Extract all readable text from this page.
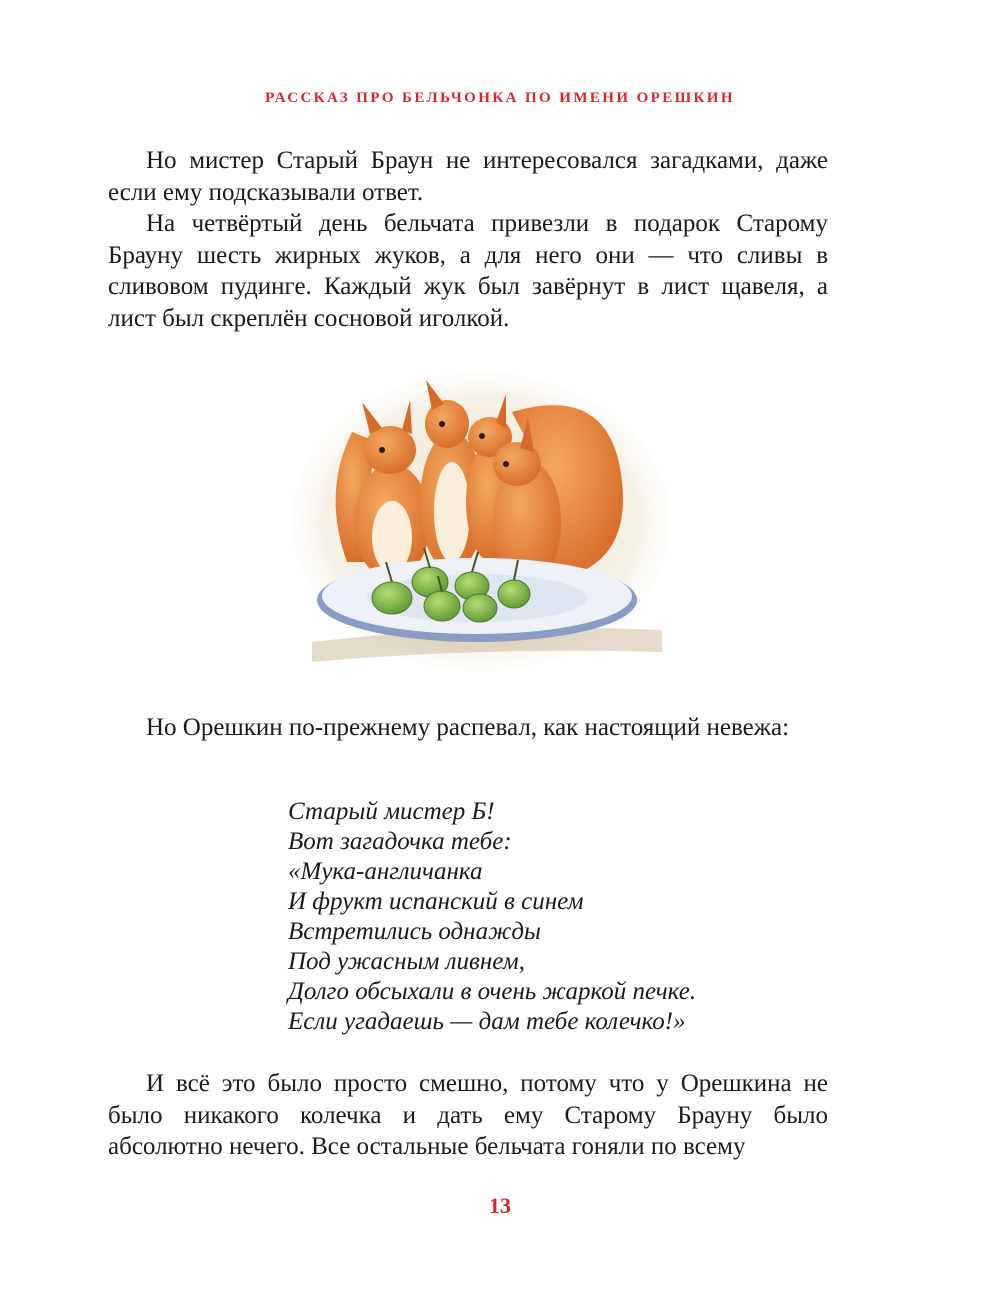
РАССКАЗ ПРО БЕЛЬЧОНКА ПО ИМЕНИ ОРЕШКИН

Но мистер Старый Браун не интересовался загадками, даже если ему подсказывали ответ.

На четвёртый день бельчата привезли в подарок Старому Брауну шесть жирных жуков, а для него они — что сливы в сливовом пудинге. Каждый жук был завёрнут в лист щавеля, а лист был скреплён сосновой иголкой.

Но Орешкин по-прежнему распевал, как настоящий невежа:

Старый мистер Б!
Вот загадочка тебе:
«Мука-англичанка
И фрукт испанский в синем
Встретились однажды
Под ужасным ливнем,
Долго обсыхали в очень жаркой печке.
Если угадаешь — дам тебе колечко!»

И всё это было просто смешно, потому что у Орешкина не было никакого колечка и дать ему Старому Брауну было абсолютно нечего. Все остальные бельчата гоняли по всему

13
